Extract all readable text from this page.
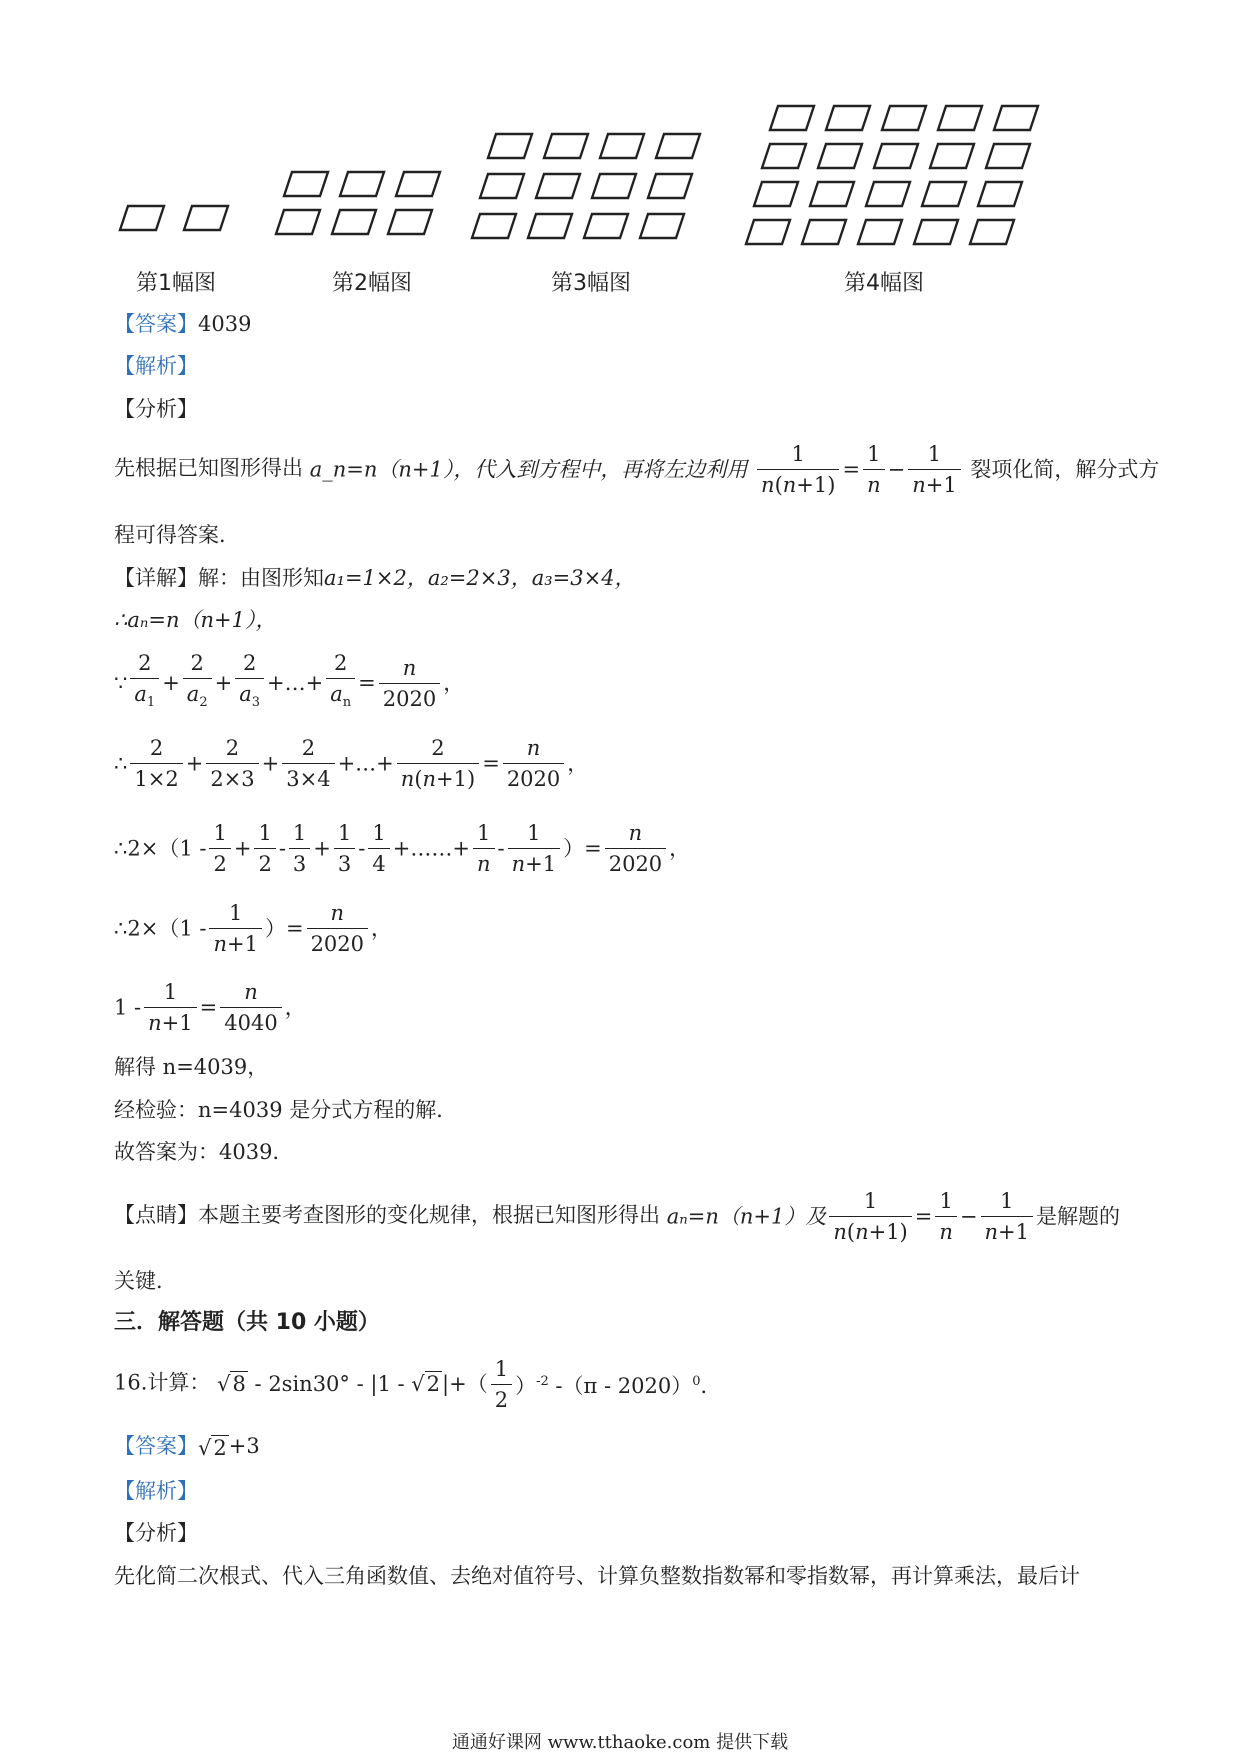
第1幅图	第2幅图	第3幅图	第4幅图
【答案】4039
【解析】
【分析】
先根据已知图形得出 a_n=n（n+1），代入到方程中，再将左边利用 $\frac{1}{n(n+1)} = \frac{1}{n} - \frac{1}{n+1}$ 裂项化简，解分式方
程可得答案．
【详解】解：由图形知a₁=1×2，a₂=2×3，a₃=3×4，
∴aₙ=n（n+1），
∵ $\frac{2}{a_1} + \frac{2}{a_2} + \frac{2}{a_3}$ +…+ $\frac{2}{a_n} = \frac{n}{2020}$ ，
∴ $\frac{2}{1\times 2} + \frac{2}{2\times 3} + \frac{2}{3\times 4}$ +…+ $\frac{2}{n(n+1)} = \frac{n}{2020}$ ，
∴2×（1 - $\frac{1}{2} + \frac{1}{2} - \frac{1}{3} + \frac{1}{3} - \frac{1}{4}$ +……+ $\frac{1}{n} - \frac{1}{n+1}$ ）= $\frac{n}{2020}$ ，
∴2×（1 - $\frac{1}{n+1}$ ）= $\frac{n}{2020}$ ，
$1 - \frac{1}{n+1} = \frac{n}{4040}$ ，
解得 n=4039，
经检验：n=4039 是分式方程的解．
故答案为：4039．
【点睛】本题主要考查图形的变化规律，根据已知图形得出 aₙ=n（n+1）及 $\frac{1}{n(n+1)} = \frac{1}{n} - \frac{1}{n+1}$ 是解题的
关键．
三．解答题（共 10 小题）
16.计算： $√8 - 2\sin 30^\circ - |1 - √2|+( \frac{1}{2} )^{-2}$ -（π - 2020）$^0$．
【答案】√2+3
【解析】
【分析】
先化简二次根式、代入三角函数值、去绝对值符号、计算负整数指数幂和零指数幂，再计算乘法，最后计
通通好课网 www.tthaoke.com 提供下载
